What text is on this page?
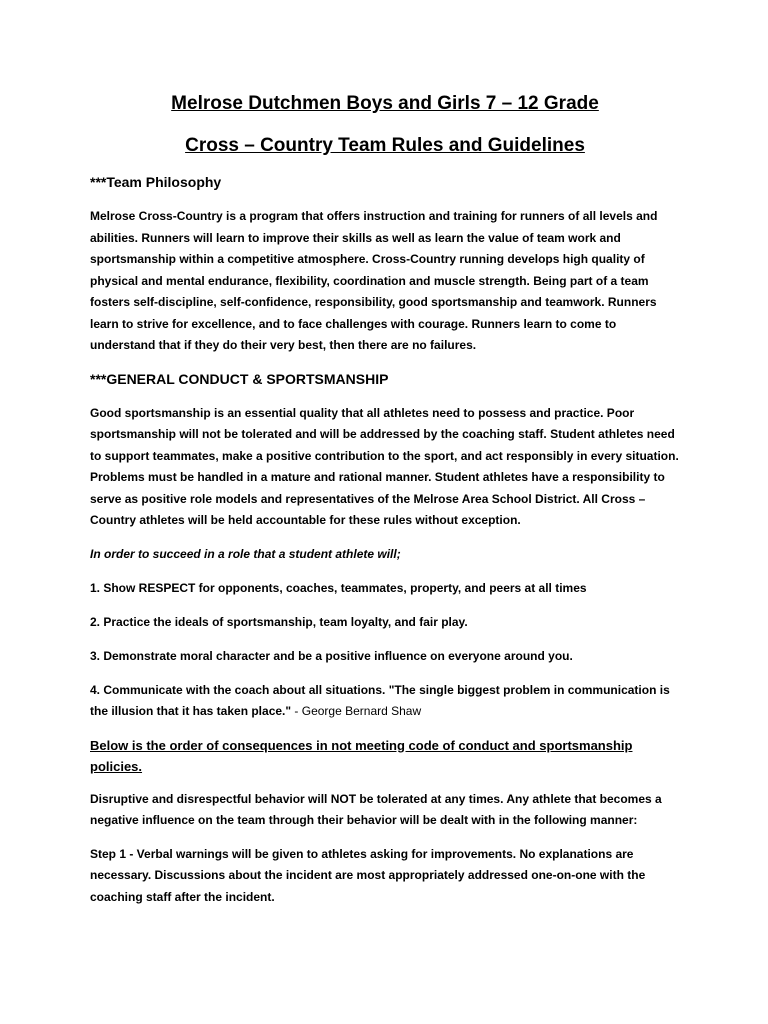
Melrose Dutchmen Boys and Girls 7 – 12 Grade
Cross – Country Team Rules and Guidelines
***Team Philosophy
Melrose Cross-Country is a program that offers instruction and training for runners of all levels and abilities. Runners will learn to improve their skills as well as learn the value of team work and sportsmanship within a competitive atmosphere. Cross-Country running develops high quality of physical and mental endurance, flexibility, coordination and muscle strength. Being part of a team fosters self-discipline, self-confidence, responsibility, good sportsmanship and teamwork. Runners learn to strive for excellence, and to face challenges with courage. Runners learn to come to understand that if they do their very best, then there are no failures.
***GENERAL CONDUCT & SPORTSMANSHIP
Good sportsmanship is an essential quality that all athletes need to possess and practice. Poor sportsmanship will not be tolerated and will be addressed by the coaching staff. Student athletes need to support teammates, make a positive contribution to the sport, and act responsibly in every situation. Problems must be handled in a mature and rational manner. Student athletes have a responsibility to serve as positive role models and representatives of the Melrose Area School District. All Cross – Country athletes will be held accountable for these rules without exception.
In order to succeed in a role that a student athlete will;
1. Show RESPECT for opponents, coaches, teammates, property, and peers at all times
2. Practice the ideals of sportsmanship, team loyalty, and fair play.
3. Demonstrate moral character and be a positive influence on everyone around you.
4. Communicate with the coach about all situations. "The single biggest problem in communication is the illusion that it has taken place." - George Bernard Shaw
Below is the order of consequences in not meeting code of conduct and sportsmanship policies.
Disruptive and disrespectful behavior will NOT be tolerated at any times. Any athlete that becomes a negative influence on the team through their behavior will be dealt with in the following manner:
Step 1 - Verbal warnings will be given to athletes asking for improvements. No explanations are necessary. Discussions about the incident are most appropriately addressed one-on-one with the coaching staff after the incident.
